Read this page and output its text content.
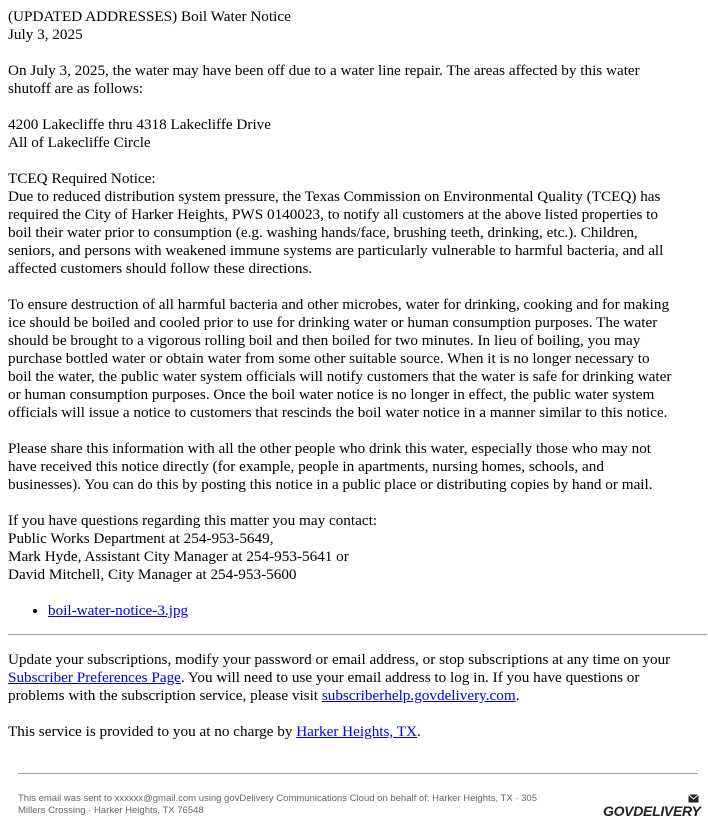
(UPDATED ADDRESSES) Boil Water Notice
July 3, 2025

On July 3, 2025, the water may have been off due to a water line repair. The areas affected by this water
shutoff are as follows:

4200 Lakecliffe thru 4318 Lakecliffe Drive
All of Lakecliffe Circle

TCEQ Required Notice:
Due to reduced distribution system pressure, the Texas Commission on Environmental Quality (TCEQ) has
required the City of Harker Heights, PWS 0140023, to notify all customers at the above listed properties to
boil their water prior to consumption (e.g. washing hands/face, brushing teeth, drinking, etc.). Children,
seniors, and persons with weakened immune systems are particularly vulnerable to harmful bacteria, and all
affected customers should follow these directions.

To ensure destruction of all harmful bacteria and other microbes, water for drinking, cooking and for making
ice should be boiled and cooled prior to use for drinking water or human consumption purposes. The water
should be brought to a vigorous rolling boil and then boiled for two minutes. In lieu of boiling, you may
purchase bottled water or obtain water from some other suitable source. When it is no longer necessary to
boil the water, the public water system officials will notify customers that the water is safe for drinking water
or human consumption purposes. Once the boil water notice is no longer in effect, the public water system
officials will issue a notice to customers that rescinds the boil water notice in a manner similar to this notice.

Please share this information with all the other people who drink this water, especially those who may not
have received this notice directly (for example, people in apartments, nursing homes, schools, and
businesses). You can do this by posting this notice in a public place or distributing copies by hand or mail.

If you have questions regarding this matter you may contact:
Public Works Department at 254-953-5649,
Mark Hyde, Assistant City Manager at 254-953-5641 or
David Mitchell, City Manager at 254-953-5600

• boil-water-notice-3.jpg

Update your subscriptions, modify your password or email address, or stop subscriptions at any time on your
Subscriber Preferences Page. You will need to use your email address to log in. If you have questions or
problems with the subscription service, please visit subscriberhelp.govdelivery.com.

This service is provided to you at no charge by Harker Heights, TX.

This email was sent to xxxxxx@gmail.com using govDelivery Communications Cloud on behalf of: Harker Heights, TX · 305
Millers Crossing · Harker Heights, TX 76548	GOVDELIVERY
